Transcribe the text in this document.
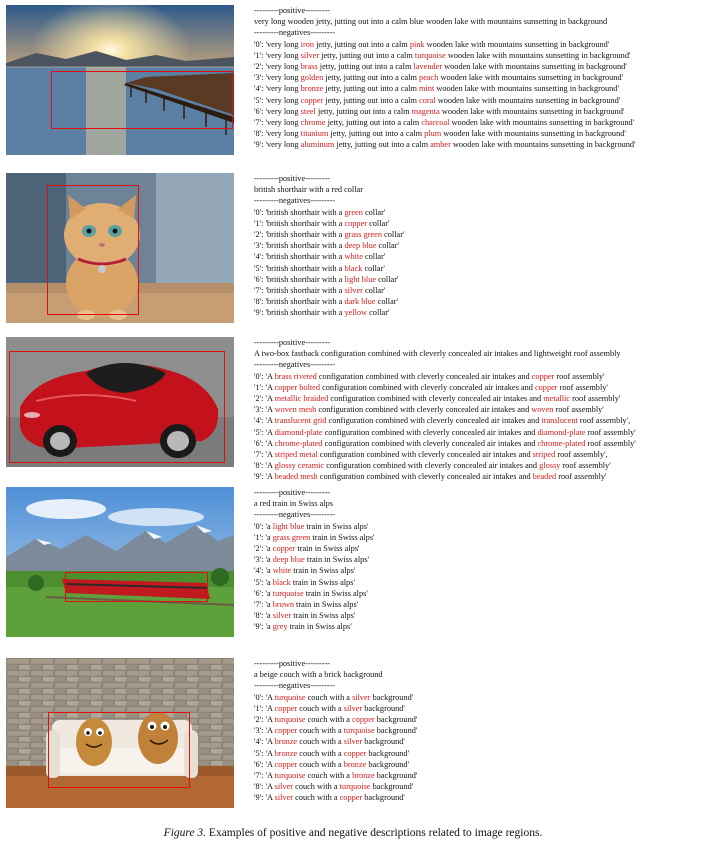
---------positive---------
very long wooden jetty, jutting out into a calm blue wooden lake with mountains sunsetting in background
---------negatives---------
'0': 'very long iron jetty, jutting out into a calm pink wooden lake with mountains sunsetting in background'
'1': 'very long silver jetty, jutting out into a calm turquoise wooden lake with mountains sunsetting in background'
'2': 'very long brass jetty, jutting out into a calm lavender wooden lake with mountains sunsetting in background'
'3': 'very long golden jetty, jutting out into a calm peach wooden lake with mountains sunsetting in background'
'4': 'very long bronze jetty, jutting out into a calm mint wooden lake with mountains sunsetting in background'
'5': 'very long copper jetty, jutting out into a calm coral wooden lake with mountains sunsetting in background'
'6': 'very long steel jetty, jutting out into a calm magenta wooden lake with mountains sunsetting in background'
'7': 'very long chrome jetty, jutting out into a calm charcoal wooden lake with mountains sunsetting in background'
'8': 'very long titanium jetty, jutting out into a calm plum wooden lake with mountains sunsetting in background'
'9': 'very long aluminum jetty, jutting out into a calm amber wooden lake with mountains sunsetting in background'
---------positive---------
british shorthair with a red collar
---------negatives---------
'0': 'british shorthair with a green collar'
'1': 'british shorthair with a copper collar'
'2': 'british shorthair with a grass green collar'
'3': 'british shorthair with a deep blue collar'
'4': 'british shorthair with a white collar'
'5': 'british shorthair with a black collar'
'6': 'british shorthair with a light blue collar'
'7': 'british shorthair with a silver collar'
'8': 'british shorthair with a dark blue collar'
'9': 'british shorthair with a yellow collar'
---------positive---------
A two-box fastback configuration combined with cleverly concealed air intakes and lightweight roof assembly
---------negatives---------
'0': 'A brass riveted configuration combined with cleverly concealed air intakes and copper roof assembly'
'1': 'A copper bolted configuration combined with cleverly concealed air intakes and copper roof assembly'
'2': 'A metallic braided configuration combined with cleverly concealed air intakes and metallic roof assembly'
'3': 'A woven mesh configuration combined with cleverly concealed air intakes and woven roof assembly'
'4': 'A translucent grid configuration combined with cleverly concealed air intakes and translucent roof assembly',
'5': 'A diamond-plate configuration combined with cleverly concealed air intakes and diamond-plate roof assembly'
'6': 'A chrome-plated configuration combined with cleverly concealed air intakes and chrome-plated roof assembly'
'7': 'A striped metal configuration combined with cleverly concealed air intakes and striped roof assembly',
'8': 'A glossy ceramic configuration combined with cleverly concealed air intakes and glossy roof assembly'
'9': 'A beaded mesh configuration combined with cleverly concealed air intakes and beaded roof assembly'
---------positive---------
a red train in Swiss alps
---------negatives---------
'0': 'a light blue train in Swiss alps'
'1': 'a grass green train in Swiss alps'
'2': 'a copper train in Swiss alps'
'3': 'a deep blue train in Swiss alps'
'4': 'a white train in Swiss alps'
'5': 'a black train in Swiss alps'
'6': 'a turquoise train in Swiss alps'
'7': 'a brown train in Swiss alps'
'8': 'a silver train in Swiss alps'
'9': 'a grey train in Swiss alps'
---------positive---------
a beige couch with a brick background
---------negatives---------
'0': 'A turquoise couch with a silver background'
'1': 'A copper couch with a silver background'
'2': 'A turquoise couch with a copper background'
'3': 'A copper couch with a turquoise background'
'4': 'A bronze couch with a silver background'
'5': 'A bronze couch with a copper background'
'6': 'A copper couch with a bronze background'
'7': 'A turquoise couch with a bronze background'
'8': 'A silver couch with a turquoise background'
'9': 'A silver couch with a copper background'
Figure 3. Examples of positive and negative descriptions related to image regions.
